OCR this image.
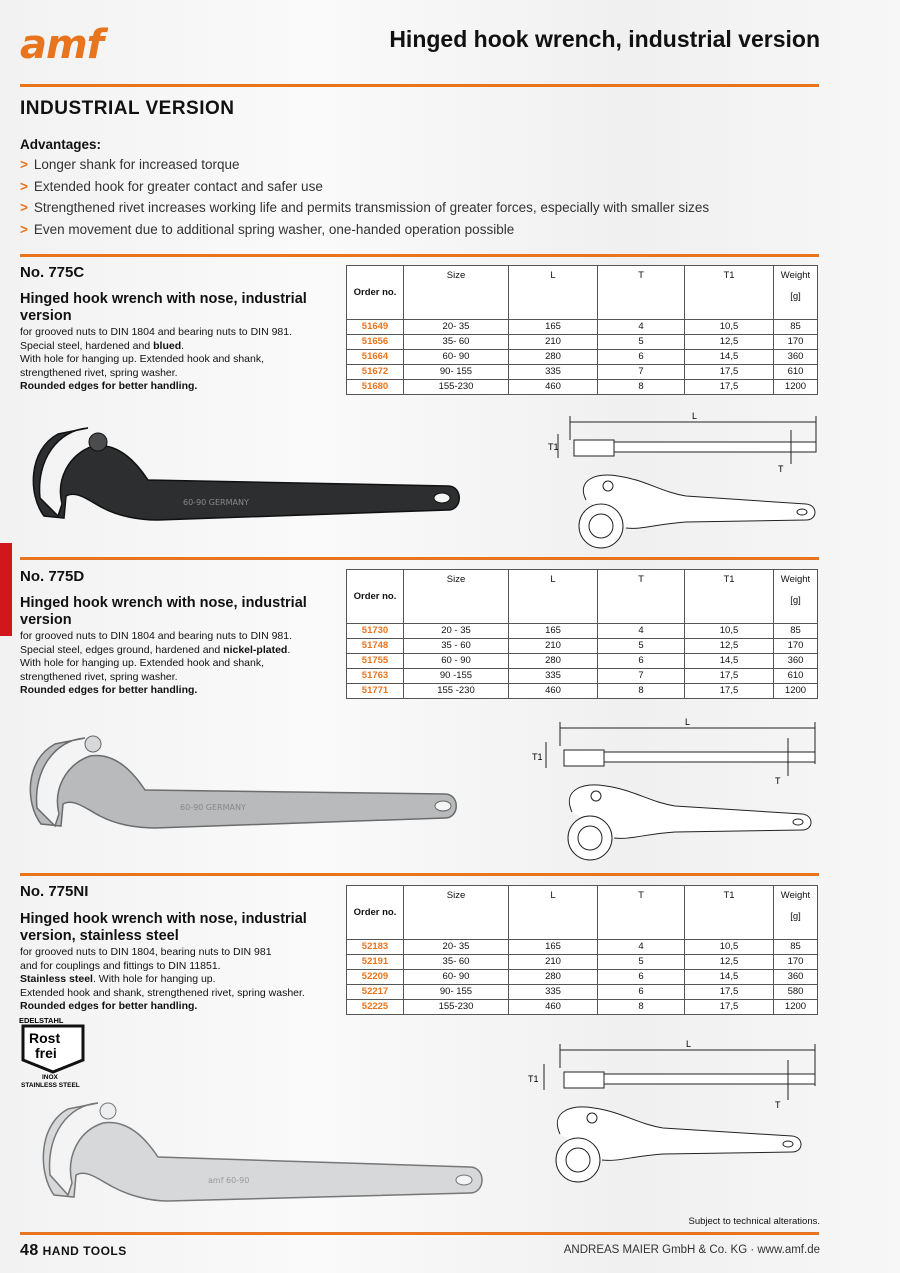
amf	Hinged hook wrench, industrial version
INDUSTRIAL VERSION
Advantages:
> Longer shank for increased torque
> Extended hook for greater contact and safer use
> Strengthened rivet increases working life and permits transmission of greater forces, especially with smaller sizes
> Even movement due to additional spring washer, one-handed operation possible
No. 775C
Hinged hook wrench with nose, industrial version
for grooved nuts to DIN 1804 and bearing nuts to DIN 981.
Special steel, hardened and blued.
With hole for hanging up. Extended hook and shank,
strengthened rivet, spring washer.
Rounded edges for better handling.
Order no.	Size	L	T	T1	Weight
[g]

51649	20- 35	165	4	10,5	85
51656	35- 60	210	5	12,5	170
51664	60- 90	280	6	14,5	360
51672	90- 155	335	7	17,5	610
51680	155-230	460	8	17,5	1200
60-90 GERMANY
L
T1
T
No. 775D
Hinged hook wrench with nose, industrial version
for grooved nuts to DIN 1804 and bearing nuts to DIN 981.
Special steel, edges ground, hardened and nickel-plated.
With hole for hanging up. Extended hook and shank,
strengthened rivet, spring washer.
Rounded edges for better handling.
Order no.	Size	L	T	T1	Weight
[g]

51730	20 - 35	165	4	10,5	85
51748	35 - 60	210	5	12,5	170
51755	60 - 90	280	6	14,5	360
51763	90 -155	335	7	17,5	610
51771	155 -230	460	8	17,5	1200
60-90 GERMANY
L
T1
T
No. 775NI
Hinged hook wrench with nose, industrial version, stainless steel
for grooved nuts to DIN 1804, bearing nuts to DIN 981
and for couplings and fittings to DIN 11851.
Stainless steel. With hole for hanging up.
Extended hook and shank, strengthened rivet, spring washer.
Rounded edges for better handling.
Order no.	Size	L	T	T1	Weight
[g]

52183	20- 35	165	4	10,5	85
52191	35- 60	210	5	12,5	170
52209	60- 90	280	6	14,5	360
52217	90- 155	335	6	17,5	580
52225	155-230	460	8	17,5	1200
EDELSTAHL
Rost
frei
INOX
STAINLESS STEEL
amf 60-90
L
T1
T
Subject to technical alterations.
48 HAND TOOLS	ANDREAS MAIER GmbH & Co. KG · www.amf.de
